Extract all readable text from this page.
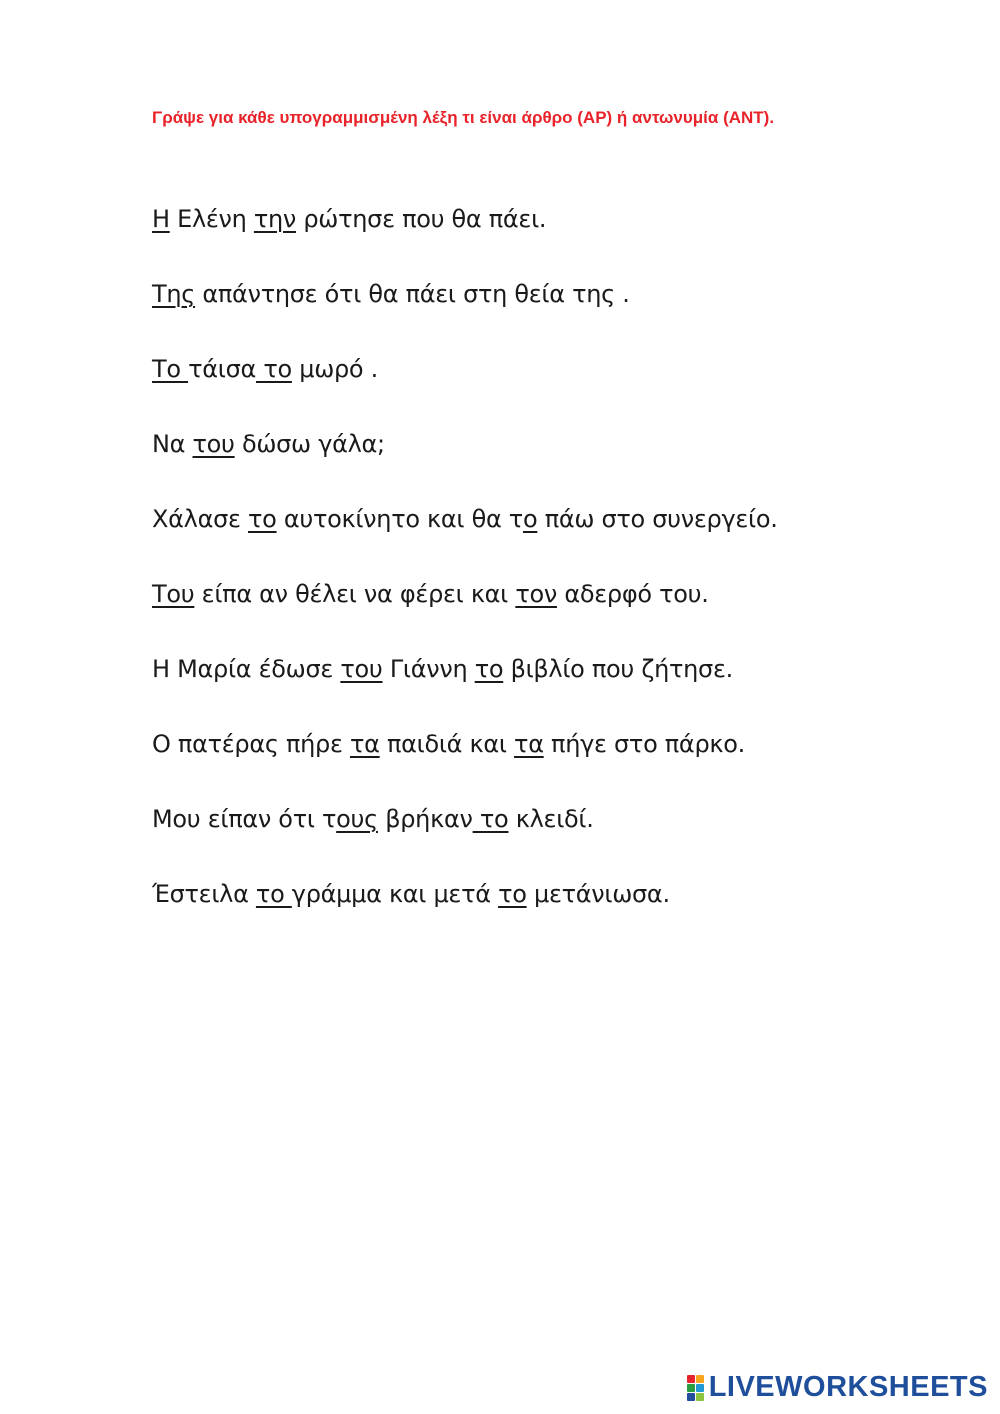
Γράψε για κάθε υπογραμμισμένη λέξη τι είναι άρθρο (ΑΡ) ή αντωνυμία (ΑΝΤ).

Η Ελένη την ρώτησε που θα πάει.
Της απάντησε ότι θα πάει στη θεία της .
Το τάισα το μωρό .
Να του δώσω γάλα;
Χάλασε το αυτοκίνητο και θα το πάω στο συνεργείο.
Του είπα αν θέλει να φέρει και τον αδερφό του.
Η Μαρία έδωσε του Γιάννη το βιβλίο που ζήτησε.
Ο πατέρας πήρε τα παιδιά και τα πήγε στο πάρκο.
Μου είπαν ότι τους βρήκαν το κλειδί.
Έστειλα το γράμμα και μετά το μετάνιωσα.
LIVEWORKSHEETS
